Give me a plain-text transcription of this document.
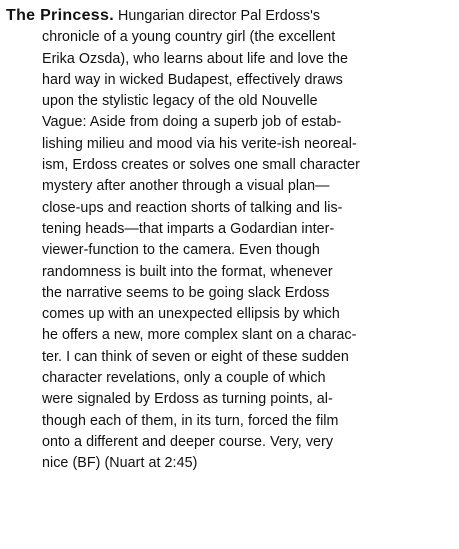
The Princess. Hungarian director Pal Erdoss's
chronicle of a young country girl (the excellent
Erika Ozsda), who learns about life and love the
hard way in wicked Budapest, effectively draws
upon the stylistic legacy of the old Nouvelle
Vague: Aside from doing a superb job of estab-
lishing milieu and mood via his verite-ish neoreal-
ism, Erdoss creates or solves one small character
mystery after another through a visual plan—
close-ups and reaction shorts of talking and lis-
tening heads—that imparts a Godardian inter-
viewer-function to the camera. Even though
randomness is built into the format, whenever
the narrative seems to be going slack Erdoss
comes up with an unexpected ellipsis by which
he offers a new, more complex slant on a charac-
ter. I can think of seven or eight of these sudden
character revelations, only a couple of which
were signaled by Erdoss as turning points, al-
though each of them, in its turn, forced the film
onto a different and deeper course. Very, very
nice (BF) (Nuart at 2:45)
